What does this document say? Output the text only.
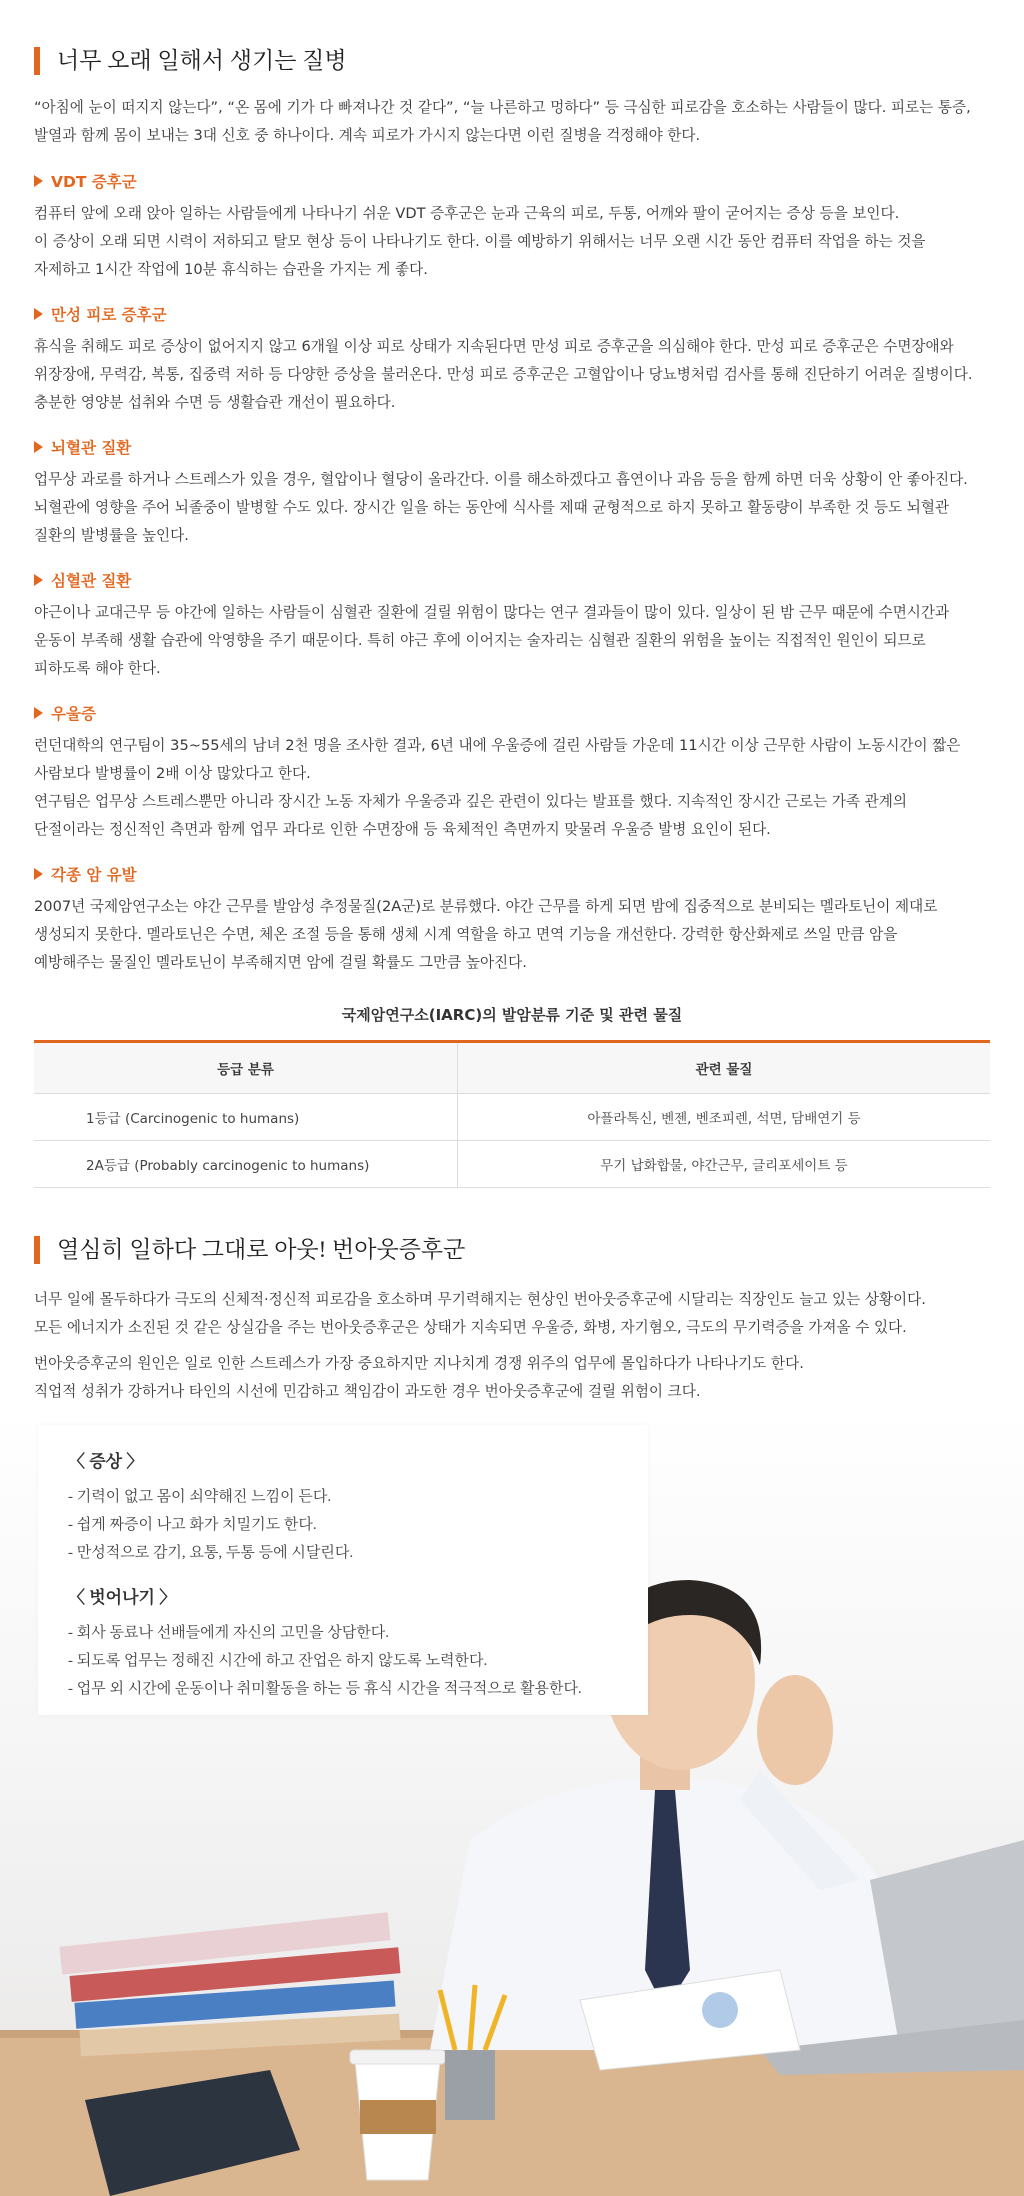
너무 오래 일해서 생기는 질병

“아침에 눈이 떠지지 않는다”, “온 몸에 기가 다 빠져나간 것 같다”, “늘 나른하고 멍하다” 등 극심한 피로감을 호소하는 사람들이 많다. 피로는 통증,

발열과 함께 몸이 보내는 3대 신호 중 하나이다. 계속 피로가 가시지 않는다면 이런 질병을 걱정해야 한다.

VDT 증후군

컴퓨터 앞에 오래 앉아 일하는 사람들에게 나타나기 쉬운 VDT 증후군은 눈과 근육의 피로, 두통, 어깨와 팔이 굳어지는 증상 등을 보인다.

이 증상이 오래 되면 시력이 저하되고 탈모 현상 등이 나타나기도 한다. 이를 예방하기 위해서는 너무 오랜 시간 동안 컴퓨터 작업을 하는 것을

자제하고 1시간 작업에 10분 휴식하는 습관을 가지는 게 좋다.

만성 피로 증후군

휴식을 취해도 피로 증상이 없어지지 않고 6개월 이상 피로 상태가 지속된다면 만성 피로 증후군을 의심해야 한다. 만성 피로 증후군은 수면장애와

위장장애, 무력감, 복통, 집중력 저하 등 다양한 증상을 불러온다. 만성 피로 증후군은 고혈압이나 당뇨병처럼 검사를 통해 진단하기 어려운 질병이다.

충분한 영양분 섭취와 수면 등 생활습관 개선이 필요하다.

뇌혈관 질환

업무상 과로를 하거나 스트레스가 있을 경우, 혈압이나 혈당이 올라간다. 이를 해소하겠다고 흡연이나 과음 등을 함께 하면 더욱 상황이 안 좋아진다.

뇌혈관에 영향을 주어 뇌졸중이 발병할 수도 있다. 장시간 일을 하는 동안에 식사를 제때 균형적으로 하지 못하고 활동량이 부족한 것 등도 뇌혈관

질환의 발병률을 높인다.

심혈관 질환

야근이나 교대근무 등 야간에 일하는 사람들이 심혈관 질환에 걸릴 위험이 많다는 연구 결과들이 많이 있다. 일상이 된 밤 근무 때문에 수면시간과

운동이 부족해 생활 습관에 악영향을 주기 때문이다. 특히 야근 후에 이어지는 술자리는 심혈관 질환의 위험을 높이는 직접적인 원인이 되므로

피하도록 해야 한다.

우울증

런던대학의 연구팀이 35~55세의 남녀 2천 명을 조사한 결과, 6년 내에 우울증에 걸린 사람들 가운데 11시간 이상 근무한 사람이 노동시간이 짧은

사람보다 발병률이 2배 이상 많았다고 한다.

연구팀은 업무상 스트레스뿐만 아니라 장시간 노동 자체가 우울증과 깊은 관련이 있다는 발표를 했다. 지속적인 장시간 근로는 가족 관계의

단절이라는 정신적인 측면과 함께 업무 과다로 인한 수면장애 등 육체적인 측면까지 맞물려 우울증 발병 요인이 된다.

각종 암 유발

2007년 국제암연구소는 야간 근무를 발암성 추정물질(2A군)로 분류했다. 야간 근무를 하게 되면 밤에 집중적으로 분비되는 멜라토닌이 제대로

생성되지 못한다. 멜라토닌은 수면, 체온 조절 등을 통해 생체 시계 역할을 하고 면역 기능을 개선한다. 강력한 항산화제로 쓰일 만큼 암을

예방해주는 물질인 멜라토닌이 부족해지면 암에 걸릴 확률도 그만큼 높아진다.

국제암연구소(IARC)의 발암분류 기준 및 관련 물질
등급 분류	관련 물질
1등급 (Carcinogenic to humans)	아플라톡신, 벤젠, 벤조피렌, 석면, 담배연기 등
2A등급 (Probably carcinogenic to humans)	무기 납화합물, 야간근무, 글리포세이트 등
열심히 일하다 그대로 아웃! 번아웃증후군

너무 일에 몰두하다가 극도의 신체적·정신적 피로감을 호소하며 무기력해지는 현상인 번아웃증후군에 시달리는 직장인도 늘고 있는 상황이다.

모든 에너지가 소진된 것 같은 상실감을 주는 번아웃증후군은 상태가 지속되면 우울증, 화병, 자기혐오, 극도의 무기력증을 가져올 수 있다.

번아웃증후군의 원인은 일로 인한 스트레스가 가장 중요하지만 지나치게 경쟁 위주의 업무에 몰입하다가 나타나기도 한다.

직업적 성취가 강하거나 타인의 시선에 민감하고 책임감이 과도한 경우 번아웃증후군에 걸릴 위험이 크다.

〈 증상 〉
- 기력이 없고 몸이 쇠약해진 느낌이 든다.
- 쉽게 짜증이 나고 화가 치밀기도 한다.
- 만성적으로 감기, 요통, 두통 등에 시달린다.
〈 벗어나기 〉
- 회사 동료나 선배들에게 자신의 고민을 상담한다.
- 되도록 업무는 정해진 시간에 하고 잔업은 하지 않도록 노력한다.
- 업무 외 시간에 운동이나 취미활동을 하는 등 휴식 시간을 적극적으로 활용한다.
